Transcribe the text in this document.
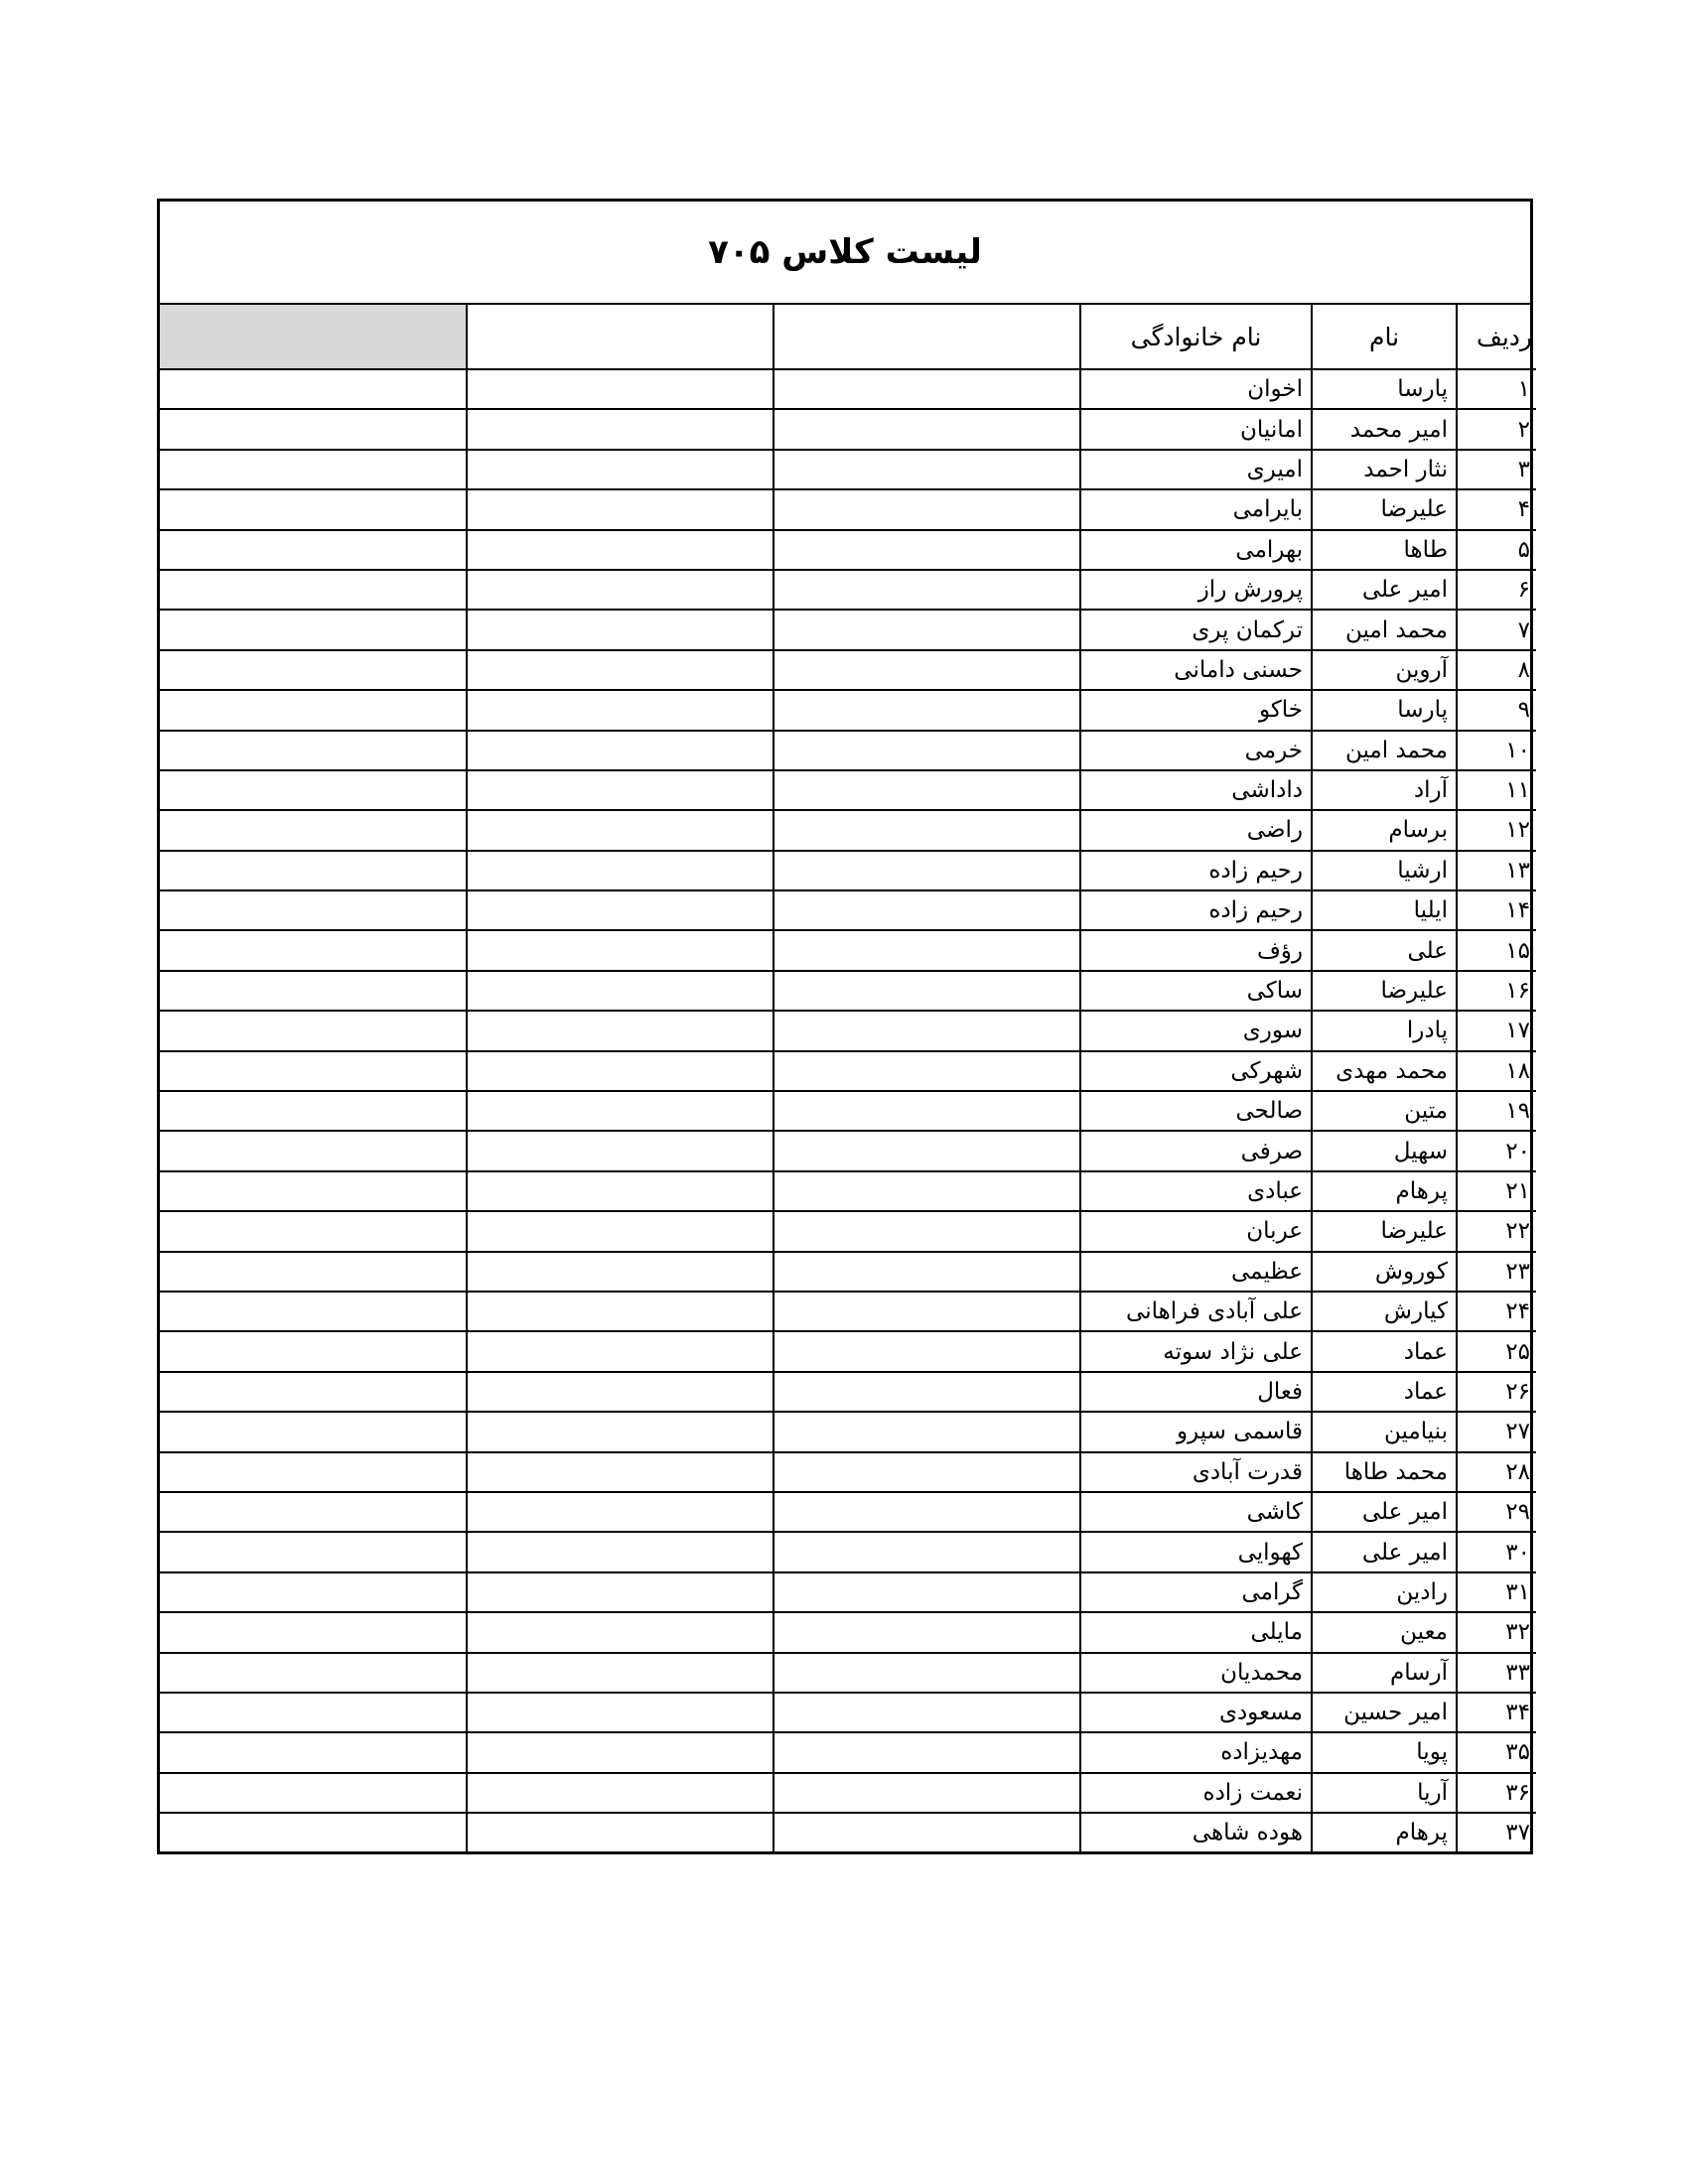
لیست کلاس ۷۰۵
ردیف	نام	نام خانوادگی			
۱	پارسا	اخوان			
۲	امیر محمد	امانیان			
۳	نثار احمد	امیری			
۴	علیرضا	بایرامی			
۵	طاها	بهرامی			
۶	امیر علی	پرورش راز			
۷	محمد امین	ترکمان پری			
۸	آروین	حسنی دامانی			
۹	پارسا	خاکو			
۱۰	محمد امین	خرمی			
۱۱	آراد	داداشی			
۱۲	برسام	راضی			
۱۳	ارشیا	رحیم زاده			
۱۴	ایلیا	رحیم زاده			
۱۵	علی	رؤف			
۱۶	علیرضا	ساکی			
۱۷	پادرا	سوری			
۱۸	محمد مهدی	شهرکی			
۱۹	متین	صالحی			
۲۰	سهیل	صرفی			
۲۱	پرهام	عبادی			
۲۲	علیرضا	عربان			
۲۳	کوروش	عظیمی			
۲۴	کیارش	علی آبادی فراهانی			
۲۵	عماد	علی نژاد سوته			
۲۶	عماد	فعال			
۲۷	بنیامین	قاسمی سپرو			
۲۸	محمد طاها	قدرت آبادی			
۲۹	امیر علی	کاشی			
۳۰	امیر علی	کهوایی			
۳۱	رادین	گرامی			
۳۲	معین	مایلی			
۳۳	آرسام	محمدیان			
۳۴	امیر حسین	مسعودی			
۳۵	پویا	مهدیزاده			
۳۶	آریا	نعمت زاده			
۳۷	پرهام	هوده شاهی			
